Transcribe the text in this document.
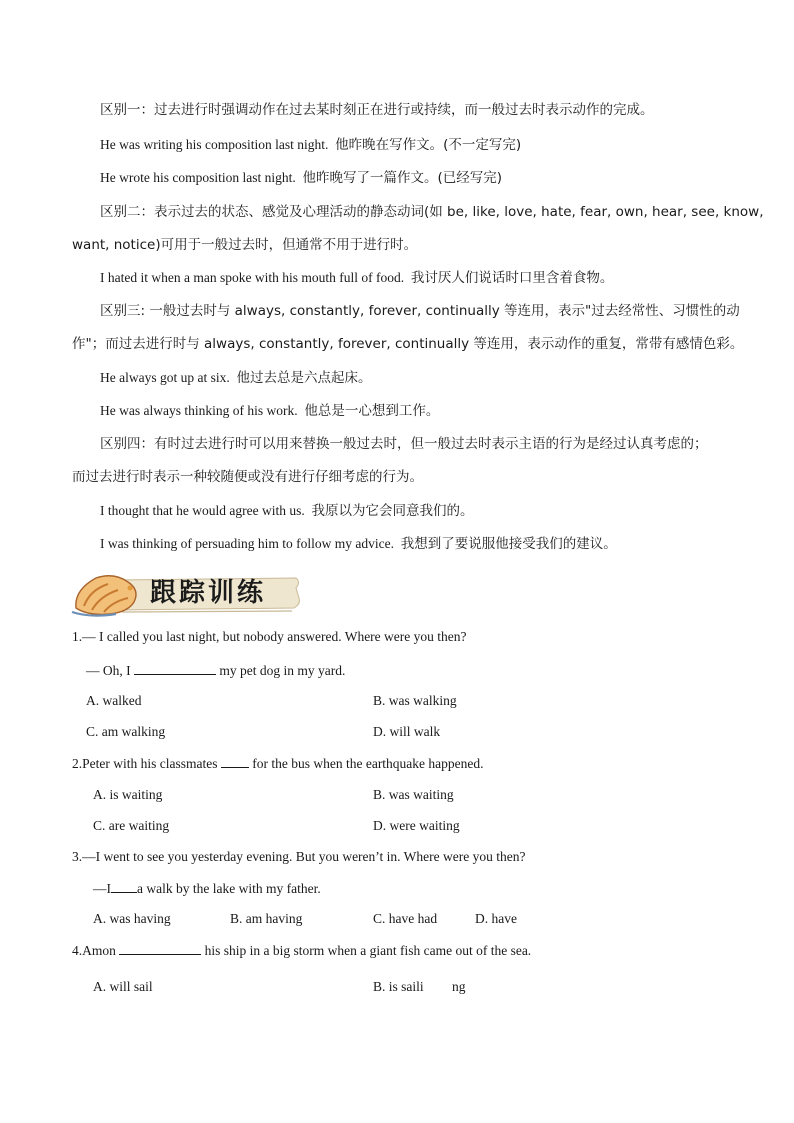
区别一：过去进行时强调动作在过去某时刻正在进行或持续，而一般过去时表示动作的完成。
He was writing his composition last night. 他昨晚在写作文。(不一定写完)
He wrote his composition last night. 他昨晚写了一篇作文。(已经写完)
区别二：表示过去的状态、感觉及心理活动的静态动词(如 be, like, love, hate, fear, own, hear, see, know,
want, notice)可用于一般过去时，但通常不用于进行时。
I hated it when a man spoke with his mouth full of food. 我讨厌人们说话时口里含着食物。
区别三: 一般过去时与 always, constantly, forever, continually 等连用，表示"过去经常性、习惯性的动
作"；而过去进行时与 always, constantly, forever, continually 等连用，表示动作的重复，常带有感情色彩。
He always got up at six. 他过去总是六点起床。
He was always thinking of his work. 他总是一心想到工作。
区别四：有时过去进行时可以用来替换一般过去时，但一般过去时表示主语的行为是经过认真考虑的；
而过去进行时表示一种较随便或没有进行仔细考虑的行为。
I thought that he would agree with us. 我原以为它会同意我们的。
I was thinking of persuading him to follow my advice. 我想到了要说服他接受我们的建议。
跟踪训练
1.— I called you last night, but nobody answered. Where were you then?
— Oh, I	my pet dog in my yard.
A. walked	B. was walking
C. am walking	D. will walk
2.Peter with his classmates	for the bus when the earthquake happened.
A. is waiting	B. was waiting
C. are waiting	D. were waiting
3.—I went to see you yesterday evening. But you weren’t in. Where were you then?
—I a walk by the lake with my father.
A. was having	B. am having	C. have had	D. have
4.Amon	his ship in a big storm when a giant fish came out of the sea.
A. will sail	B. is saili ng
